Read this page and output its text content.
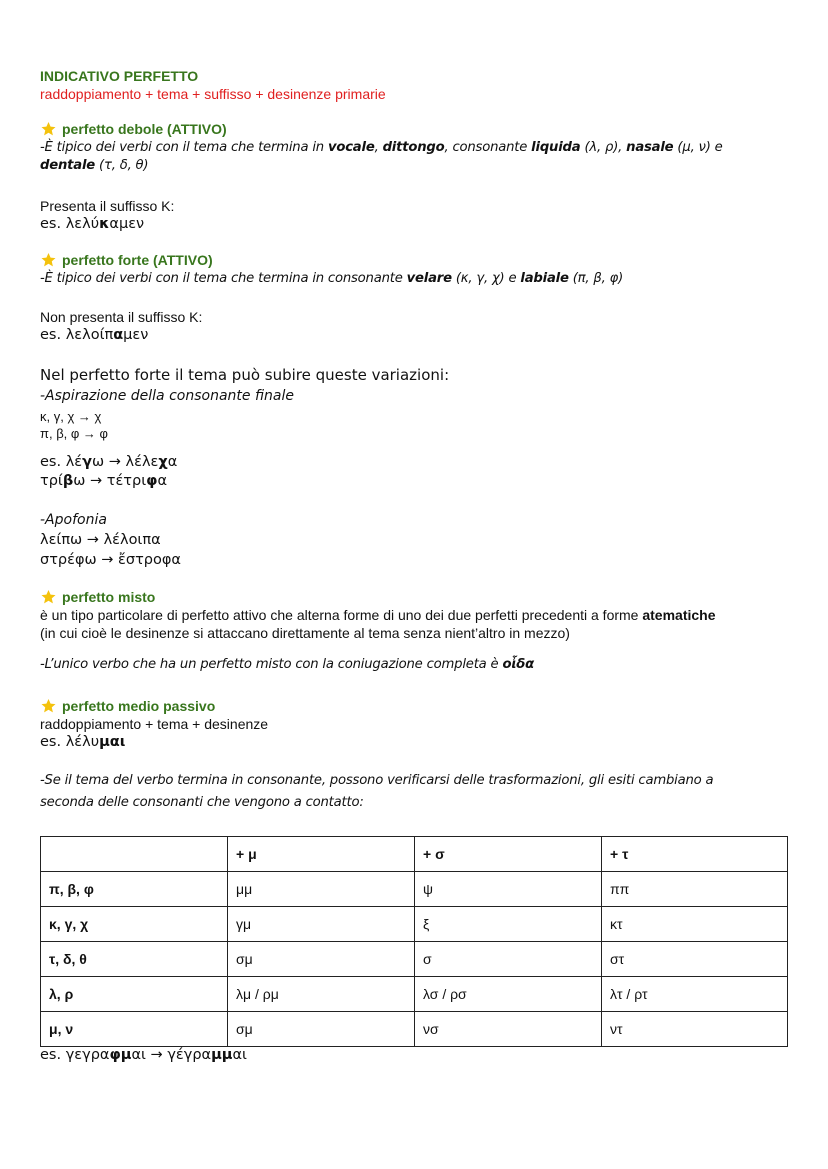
INDICATIVO PERFETTO
raddoppiamento + tema + suffisso + desinenze primarie
perfetto debole (ATTIVO)
-È tipico dei verbi con il tema che termina in vocale, dittongo, consonante liquida (λ, ρ), nasale (μ, ν) e
dentale (τ, δ, θ)
Presenta il suffisso K:
es. λελύκαμεν
perfetto forte (ATTIVO)
-È tipico dei verbi con il tema che termina in consonante velare (κ, γ, χ) e labiale (π, β, φ)
Non presenta il suffisso K:
es. λελοίπαμεν
Nel perfetto forte il tema può subire queste variazioni:
-Aspirazione della consonante finale
κ, γ, χ → χ
π, β, φ → φ
es. λέγω → λέλεχα
τρίβω → τέτριφα
-Apofonia
λείπω → λέλοιπα
στρέφω → ἔστροφα
perfetto misto
è un tipo particolare di perfetto attivo che alterna forme di uno dei due perfetti precedenti a forme atematiche
(in cui cioè le desinenze si attaccano direttamente al tema senza nient’altro in mezzo)
-L’unico verbo che ha un perfetto misto con la coniugazione completa è οἶδα
perfetto medio passivo
raddoppiamento + tema + desinenze
es. λέλυμαι
-Se il tema del verbo termina in consonante, possono verificarsi delle trasformazioni, gli esiti cambiano a
seconda delle consonanti che vengono a contatto:
	+ μ	+ σ	+ τ
π, β, φ	μμ	ψ	ππ
κ, γ, χ	γμ	ξ	κτ
τ, δ, θ	σμ	σ	στ
λ, ρ	λμ / ρμ	λσ / ρσ	λτ / ρτ
μ, ν	σμ	νσ	ντ
es. γεγραφμαι → γέγραμμαι
